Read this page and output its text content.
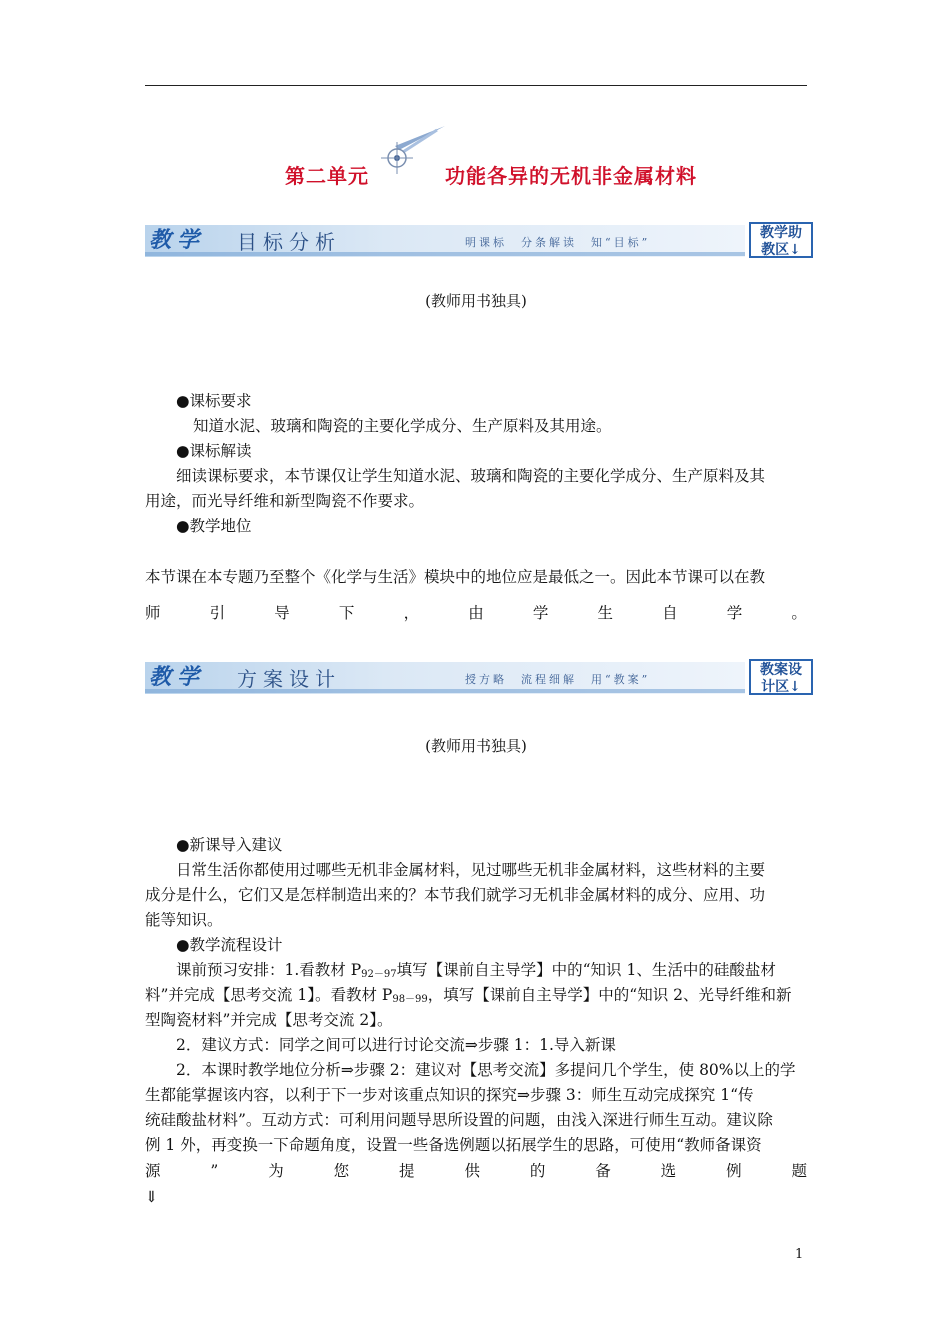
第二单元	功能各异的无机非金属材料
教学 目标分析	明课标　分条解读　知“目标”
教学助
教区↓
(教师用书独具)
●课标要求
知道水泥、玻璃和陶瓷的主要化学成分、生产原料及其用途。
●课标解读
细读课标要求，本节课仅让学生知道水泥、玻璃和陶瓷的主要化学成分、生产原料及其
用途，而光导纤维和新型陶瓷不作要求。
●教学地位
本节课在本专题乃至整个《化学与生活》模块中的地位应是最低之一。因此本节课可以在教
师	引	导	下	，	由	学	生	自	学	。
教学 方案设计	授方略　流程细解　用“教案”
教案设
计区↓
(教师用书独具)
●新课导入建议
日常生活你都使用过哪些无机非金属材料，见过哪些无机非金属材料，这些材料的主要
成分是什么，它们又是怎样制造出来的？本节我们就学习无机非金属材料的成分、应用、功
能等知识。
●教学流程设计
课前预习安排：1.看教材 $P_{92-97}$填写【课前自主导学】中的“知识 1、生活中的硅酸盐材
料”并完成【思考交流 1】。看教材 $P_{98-99}$，填写【课前自主导学】中的“知识 2、光导纤维和新
型陶瓷材料”并完成【思考交流 2】。
2．建议方式：同学之间可以进行讨论交流⇒步骤 1：1.导入新课
2．本课时教学地位分析⇒步骤 2：建议对【思考交流】多提问几个学生，使 80%以上的学
生都能掌握该内容，以利于下一步对该重点知识的探究⇒步骤 3：师生互动完成探究 1“传
统硅酸盐材料”。互动方式：可利用问题导思所设置的问题，由浅入深进行师生互动。建议除
例 1 外，再变换一下命题角度，设置一些备选例题以拓展学生的思路，可使用“教师备课资
源	”	为	您	提	供	的	备	选	例	题
⇓
1
